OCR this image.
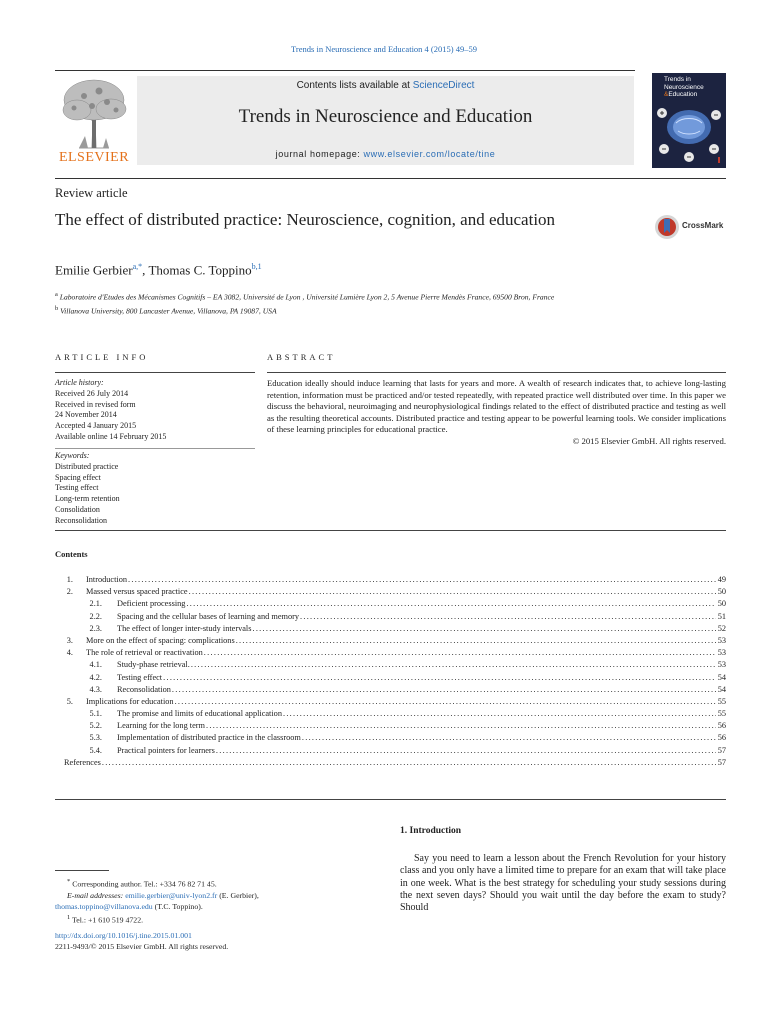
Trends in Neuroscience and Education 4 (2015) 49–59
ELSEVIER
Contents lists available at ScienceDirect
Trends in Neuroscience and Education
journal homepage: www.elsevier.com/locate/tine
Trends in
Neuroscience
&Education
Review article
The effect of distributed practice: Neuroscience, cognition, and education	CrossMark
Emilie Gerbier$^{a,*}$, Thomas C. Toppino$^{b,1}$
$^a$ Laboratoire d'Etudes des Mécanismes Cognitifs – EA 3082, Université de Lyon , Université Lumière Lyon 2, 5 Avenue Pierre Mendès France, 69500 Bron, France
$^b$ Villanova University, 800 Lancaster Avenue, Villanova, PA 19087, USA
ARTICLE INFO	ABSTRACT
Article history:
Received 26 July 2014
Received in revised form
24 November 2014
Accepted 4 January 2015
Available online 14 February 2015
Keywords:
Distributed practice
Spacing effect
Testing effect
Long-term retention
Consolidation
Reconsolidation
Education ideally should induce learning that lasts for years and more. A wealth of research indicates that, to achieve long-lasting retention, information must be practiced and/or tested repeatedly, with repeated practice well distributed over time. In this paper we discuss the behavioral, neuroimaging and neurophysiological findings related to the effect of distributed practice and testing as well as the resulting theoretical accounts. Distributed practice and testing appear to be powerful learning tools. We consider implications of these learning principles for educational practice.
© 2015 Elsevier GmbH. All rights reserved.
Contents
1. Introduction . . .	49
2. Massed versus spaced practice . . .	50
2.1. Deficient processing . . .	50
2.2. Spacing and the cellular bases of learning and memory . . .	51
2.3. The effect of longer inter-study intervals . . .	52
3. More on the effect of spacing: complications . . .	53
4. The role of retrieval or reactivation . . .	53
4.1. Study-phase retrieval. . . .	53
4.2. Testing effect . . .	54
4.3. Reconsolidation . . .	54
5. Implications for education . . .	55
5.1. The promise and limits of educational application . . .	55
5.2. Learning for the long term . . .	56
5.3. Implementation of distributed practice in the classroom . . .	56
5.4. Practical pointers for learners . . .	57
References . . .	57
1. Introduction
Say you need to learn a lesson about the French Revolution for your history class and you only have a limited time to prepare for an exam that will take place in one week. What is the best strategy for scheduling your study sessions during the next seven days? Should you wait until the day before the exam to study? Should
* Corresponding author. Tel.: +334 76 82 71 45.
E-mail addresses: emilie.gerbier@univ-lyon2.fr (E. Gerbier),
thomas.toppino@villanova.edu (T.C. Toppino).
$^1$ Tel.: +1 610 519 4722.
http://dx.doi.org/10.1016/j.tine.2015.01.001
2211-9493/© 2015 Elsevier GmbH. All rights reserved.
